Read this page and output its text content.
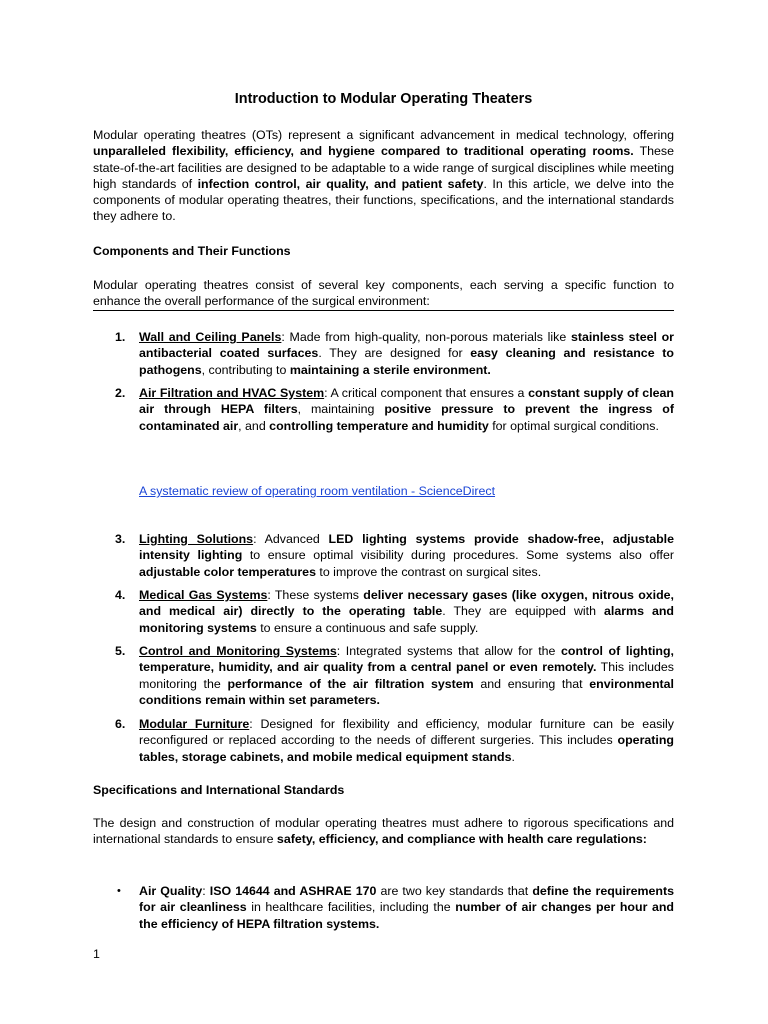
Introduction to Modular Operating Theaters

Modular operating theatres (OTs) represent a significant advancement in medical technology, offering unparalleled flexibility, efficiency, and hygiene compared to traditional operating rooms. These state-of-the-art facilities are designed to be adaptable to a wide range of surgical disciplines while meeting high standards of infection control, air quality, and patient safety. In this article, we delve into the components of modular operating theatres, their functions, specifications, and the international standards they adhere to.

Components and Their Functions

Modular operating theatres consist of several key components, each serving a specific function to enhance the overall performance of the surgical environment:

1.	Wall and Ceiling Panels: Made from high-quality, non-porous materials like stainless steel or antibacterial coated surfaces. They are designed for easy cleaning and resistance to pathogens, contributing to maintaining a sterile environment.

2.	Air Filtration and HVAC System: A critical component that ensures a constant supply of clean air through HEPA filters, maintaining positive pressure to prevent the ingress of contaminated air, and controlling temperature and humidity for optimal surgical conditions.

A systematic review of operating room ventilation - ScienceDirect
3.	Lighting Solutions: Advanced LED lighting systems provide shadow-free, adjustable intensity lighting to ensure optimal visibility during procedures. Some systems also offer adjustable color temperatures to improve the contrast on surgical sites.

4.	Medical Gas Systems: These systems deliver necessary gases (like oxygen, nitrous oxide, and medical air) directly to the operating table. They are equipped with alarms and monitoring systems to ensure a continuous and safe supply.

5.	Control and Monitoring Systems: Integrated systems that allow for the control of lighting, temperature, humidity, and air quality from a central panel or even remotely. This includes monitoring the performance of the air filtration system and ensuring that environmental conditions remain within set parameters.

6.	Modular Furniture: Designed for flexibility and efficiency, modular furniture can be easily reconfigured or replaced according to the needs of different surgeries. This includes operating tables, storage cabinets, and mobile medical equipment stands.

Specifications and International Standards

The design and construction of modular operating theatres must adhere to rigorous specifications and international standards to ensure safety, efficiency, and compliance with health care regulations:

• Air Quality: ISO 14644 and ASHRAE 170 are two key standards that define the requirements for air cleanliness in healthcare facilities, including the number of air changes per hour and the efficiency of HEPA filtration systems.

1
